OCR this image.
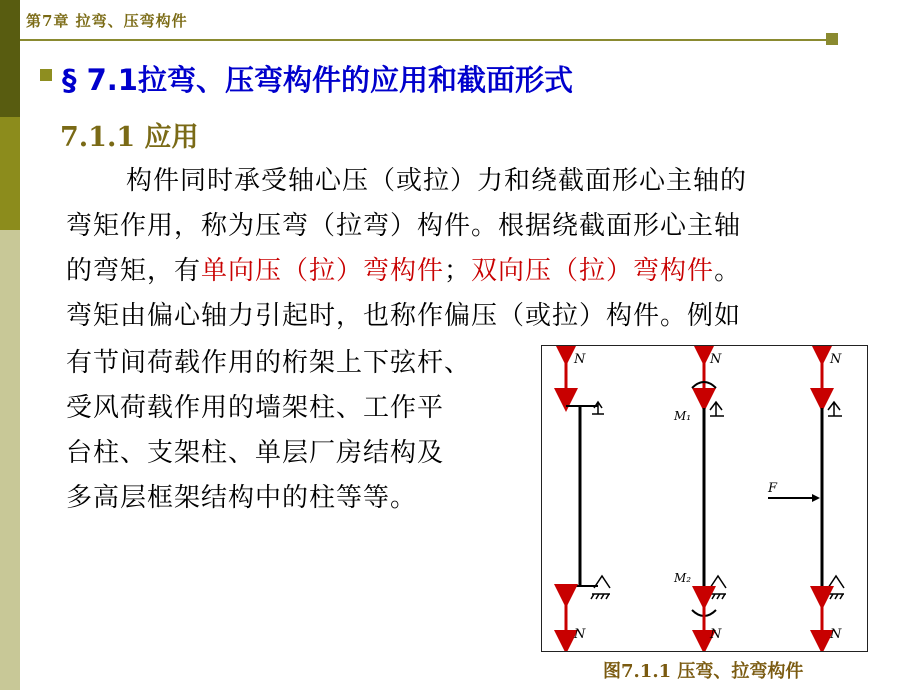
第7章 拉弯、压弯构件
§ 7.1拉弯、压弯构件的应用和截面形式
7.1.1 应用
构件同时承受轴心压（或拉）力和绕截面形心主轴的
弯矩作用，称为压弯（拉弯）构件。根据绕截面形心主轴
的弯矩，有单向压（拉）弯构件；双向压（拉）弯构件。
弯矩由偏心轴力引起时，也称作偏压（或拉）构件。例如
有节间荷载作用的桁架上下弦杆、
受风荷载作用的墙架柱、工作平
台柱、支架柱、单层厂房结构及
多高层框架结构中的柱等等。
N
N
N
M₁
M₂
N
N
F
N
图7.1.1 压弯、拉弯构件
